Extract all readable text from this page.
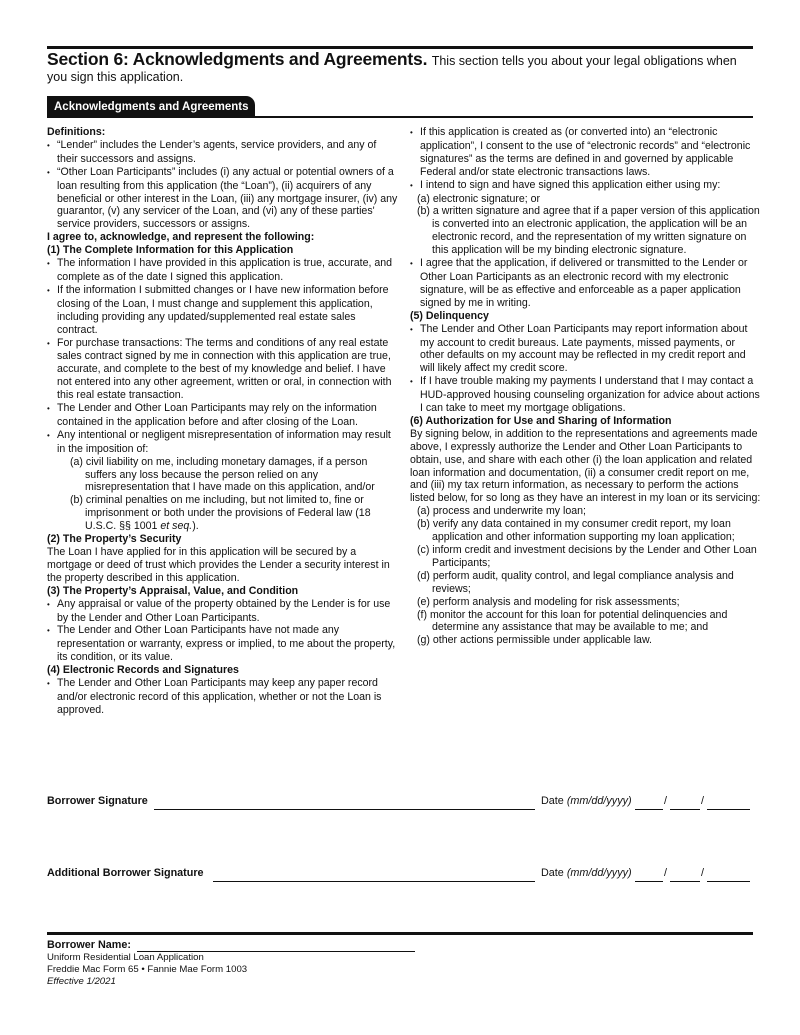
Section 6: Acknowledgments and Agreements. This section tells you about your legal obligations when you sign this application.
Acknowledgments and Agreements

Definitions:

• “Lender” includes the Lender’s agents, service providers, and any of their successors and assigns.

• “Other Loan Participants” includes (i) any actual or potential owners of a loan resulting from this application (the “Loan”), (ii) acquirers of any beneficial or other interest in the Loan, (iii) any mortgage insurer, (iv) any guarantor, (v) any servicer of the Loan, and (vi) any of these parties' service providers, successors or assigns.

I agree to, acknowledge, and represent the following:

(1) The Complete Information for this Application

• The information I have provided in this application is true, accurate, and complete as of the date I signed this application.

• If the information I submitted changes or I have new information before closing of the Loan, I must change and supplement this application, including providing any updated/supplemented real estate sales contract.

• For purchase transactions: The terms and conditions of any real estate sales contract signed by me in connection with this application are true, accurate, and complete to the best of my knowledge and belief. I have not entered into any other agreement, written or oral, in connection with this real estate transaction.

• The Lender and Other Loan Participants may rely on the information contained in the application before and after closing of the Loan.

• Any intentional or negligent misrepresentation of information may result in the imposition of:

(a) civil liability on me, including monetary damages, if a person suffers any loss because the person relied on any misrepresentation that I have made on this application, and/or

(b) criminal penalties on me including, but not limited to, fine or imprisonment or both under the provisions of Federal law (18 U.S.C. §§ 1001 et seq.).

(2) The Property’s Security

The Loan I have applied for in this application will be secured by a mortgage or deed of trust which provides the Lender a security interest in the property described in this application.

(3) The Property’s Appraisal, Value, and Condition

• Any appraisal or value of the property obtained by the Lender is for use by the Lender and Other Loan Participants.

• The Lender and Other Loan Participants have not made any representation or warranty, express or implied, to me about the property, its condition, or its value.

(4) Electronic Records and Signatures

• The Lender and Other Loan Participants may keep any paper record and/or electronic record of this application, whether or not the Loan is approved.

• If this application is created as (or converted into) an “electronic application”, I consent to the use of “electronic records” and “electronic signatures” as the terms are defined in and governed by applicable Federal and/or state electronic transactions laws.

• I intend to sign and have signed this application either using my:

(a) electronic signature; or

(b) a written signature and agree that if a paper version of this application is converted into an electronic application, the application will be an electronic record, and the representation of my written signature on this application will be my binding electronic signature.

• I agree that the application, if delivered or transmitted to the Lender or Other Loan Participants as an electronic record with my electronic signature, will be as effective and enforceable as a paper application signed by me in writing.

(5) Delinquency

• The Lender and Other Loan Participants may report information about my account to credit bureaus. Late payments, missed payments, or other defaults on my account may be reflected in my credit report and will likely affect my credit score.

• If I have trouble making my payments I understand that I may contact a HUD-approved housing counseling organization for advice about actions I can take to meet my mortgage obligations.

(6) Authorization for Use and Sharing of Information

By signing below, in addition to the representations and agreements made above, I expressly authorize the Lender and Other Loan Participants to obtain, use, and share with each other (i) the loan application and related loan information and documentation, (ii) a consumer credit report on me, and (iii) my tax return information, as necessary to perform the actions listed below, for so long as they have an interest in my loan or its servicing:

(a) process and underwrite my loan;

(b) verify any data contained in my consumer credit report, my loan application and other information supporting my loan application;

(c) inform credit and investment decisions by the Lender and Other Loan Participants;

(d) perform audit, quality control, and legal compliance analysis and reviews;

(e) perform analysis and modeling for risk assessments;

(f) monitor the account for this loan for potential delinquencies and determine any assistance that may be available to me; and

(g) other actions permissible under applicable law.

Borrower Signature	Date (mm/dd/yyyy)	/	/
Additional Borrower Signature	Date (mm/dd/yyyy)	/	/
Borrower Name:
Uniform Residential Loan Application
Freddie Mac Form 65 • Fannie Mae Form 1003
Effective 1/2021
